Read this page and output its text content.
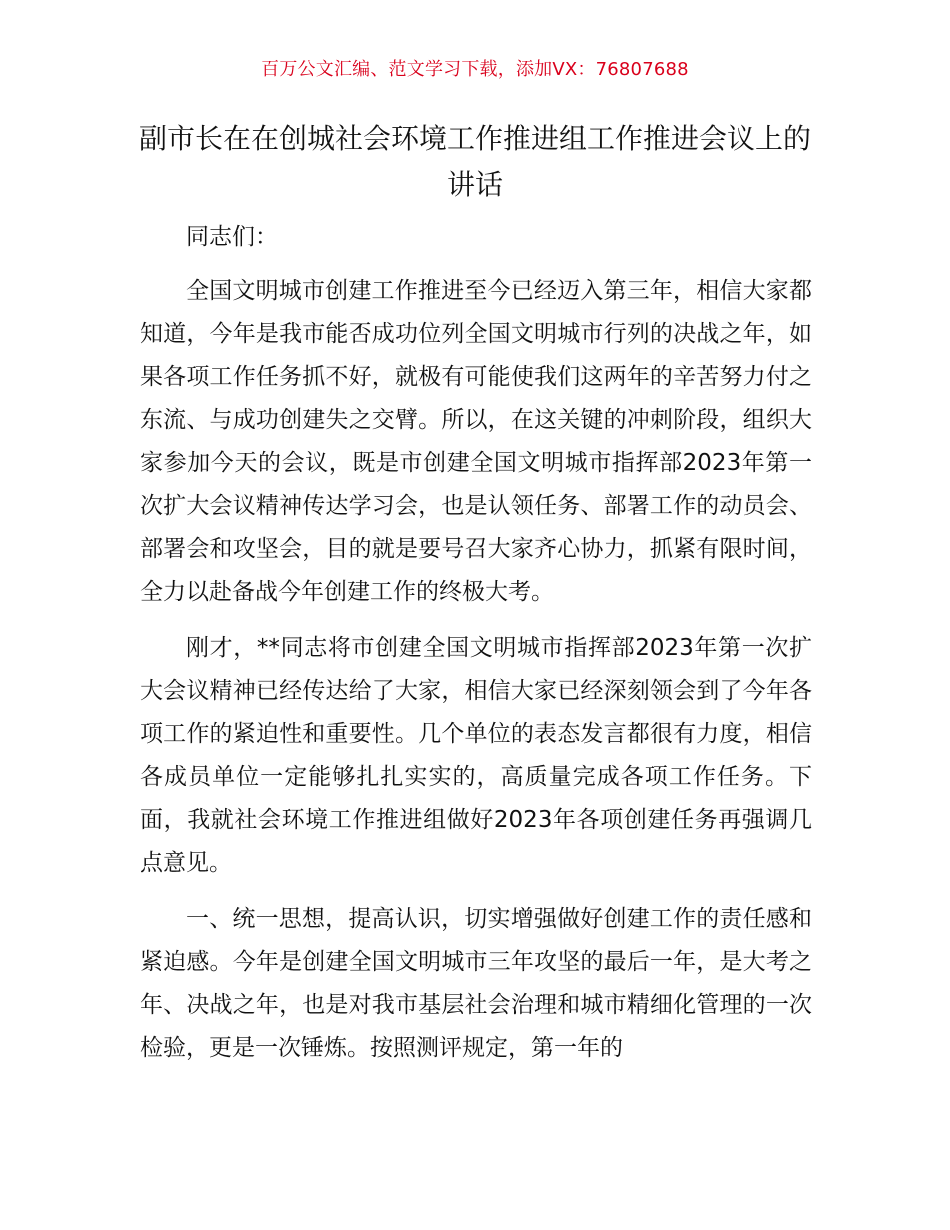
百万公文汇编、范文学习下载，添加VX：76807688
副市长在在创城社会环境工作推进组工作推进会议上的讲话

同志们：

全国文明城市创建工作推进至今已经迈入第三年，相信大家都知道，今年是我市能否成功位列全国文明城市行列的决战之年，如果各项工作任务抓不好，就极有可能使我们这两年的辛苦努力付之东流、与成功创建失之交臂。所以，在这关键的冲刺阶段，组织大家参加今天的会议，既是市创建全国文明城市指挥部2023年第一次扩大会议精神传达学习会，也是认领任务、部署工作的动员会、部署会和攻坚会，目的就是要号召大家齐心协力，抓紧有限时间，全力以赴备战今年创建工作的终极大考。

刚才，**同志将市创建全国文明城市指挥部2023年第一次扩大会议精神已经传达给了大家，相信大家已经深刻领会到了今年各项工作的紧迫性和重要性。几个单位的表态发言都很有力度，相信各成员单位一定能够扎扎实实的，高质量完成各项工作任务。下面，我就社会环境工作推进组做好2023年各项创建任务再强调几点意见。

一、统一思想，提高认识，切实增强做好创建工作的责任感和紧迫感。今年是创建全国文明城市三年攻坚的最后一年，是大考之年、决战之年，也是对我市基层社会治理和城市精细化管理的一次检验，更是一次锤炼。按照测评规定，第一年的
